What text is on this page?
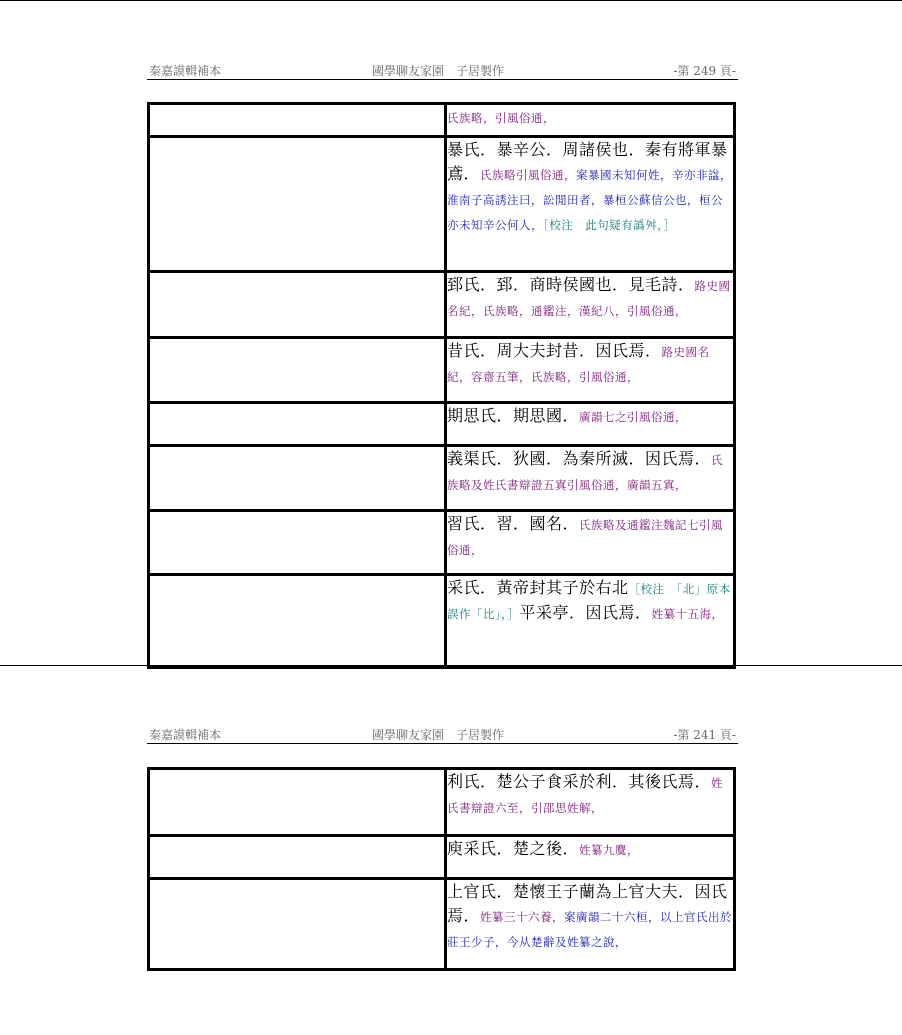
秦嘉謨輯補本	國學聊友家園　子居製作	-第 249 頁-
	氏族略，引風俗通，
	暴氏．暴辛公．周諸侯也．秦有將軍暴鳶．氏族略引風俗通，案暴國未知何姓，辛亦非諡，淮南子高誘注曰，訟閒田者，暴桓公蘇信公也，桓公亦未知辛公何人，［校注　此句疑有譌舛，］
	郅氏．郅．商時侯國也．見毛詩．路史國名紀，氏族略，通鑑注，漢紀八，引風俗通，
	昔氏．周大夫封昔．因氏焉．路史國名紀，容齋五筆，氏族略，引風俗通，
	期思氏．期思國．廣韻七之引風俗通，
	義渠氏．狄國．為秦所滅．因氏焉．氏族略及姓氏書辯證五寘引風俗通，廣韻五寘，
	習氏．習．國名．氏族略及通鑑注魏記七引風俗通，
	采氏．黃帝封其子於右北［校注　「北」原本誤作「比」，］平采亭．因氏焉．姓纂十五海，
秦嘉謨輯補本	國學聊友家園　子居製作	-第 241 頁-
	利氏．楚公子食采於利．其後氏焉．姓氏書辯證六至，引邵思姓解，
	庾采氏．楚之後．姓纂九麌，
	上官氏．楚懷王子蘭為上官大夫．因氏焉．姓纂三十六養，案廣韻二十六桓，以上官氏出於莊王少子，今从楚辭及姓纂之說，
